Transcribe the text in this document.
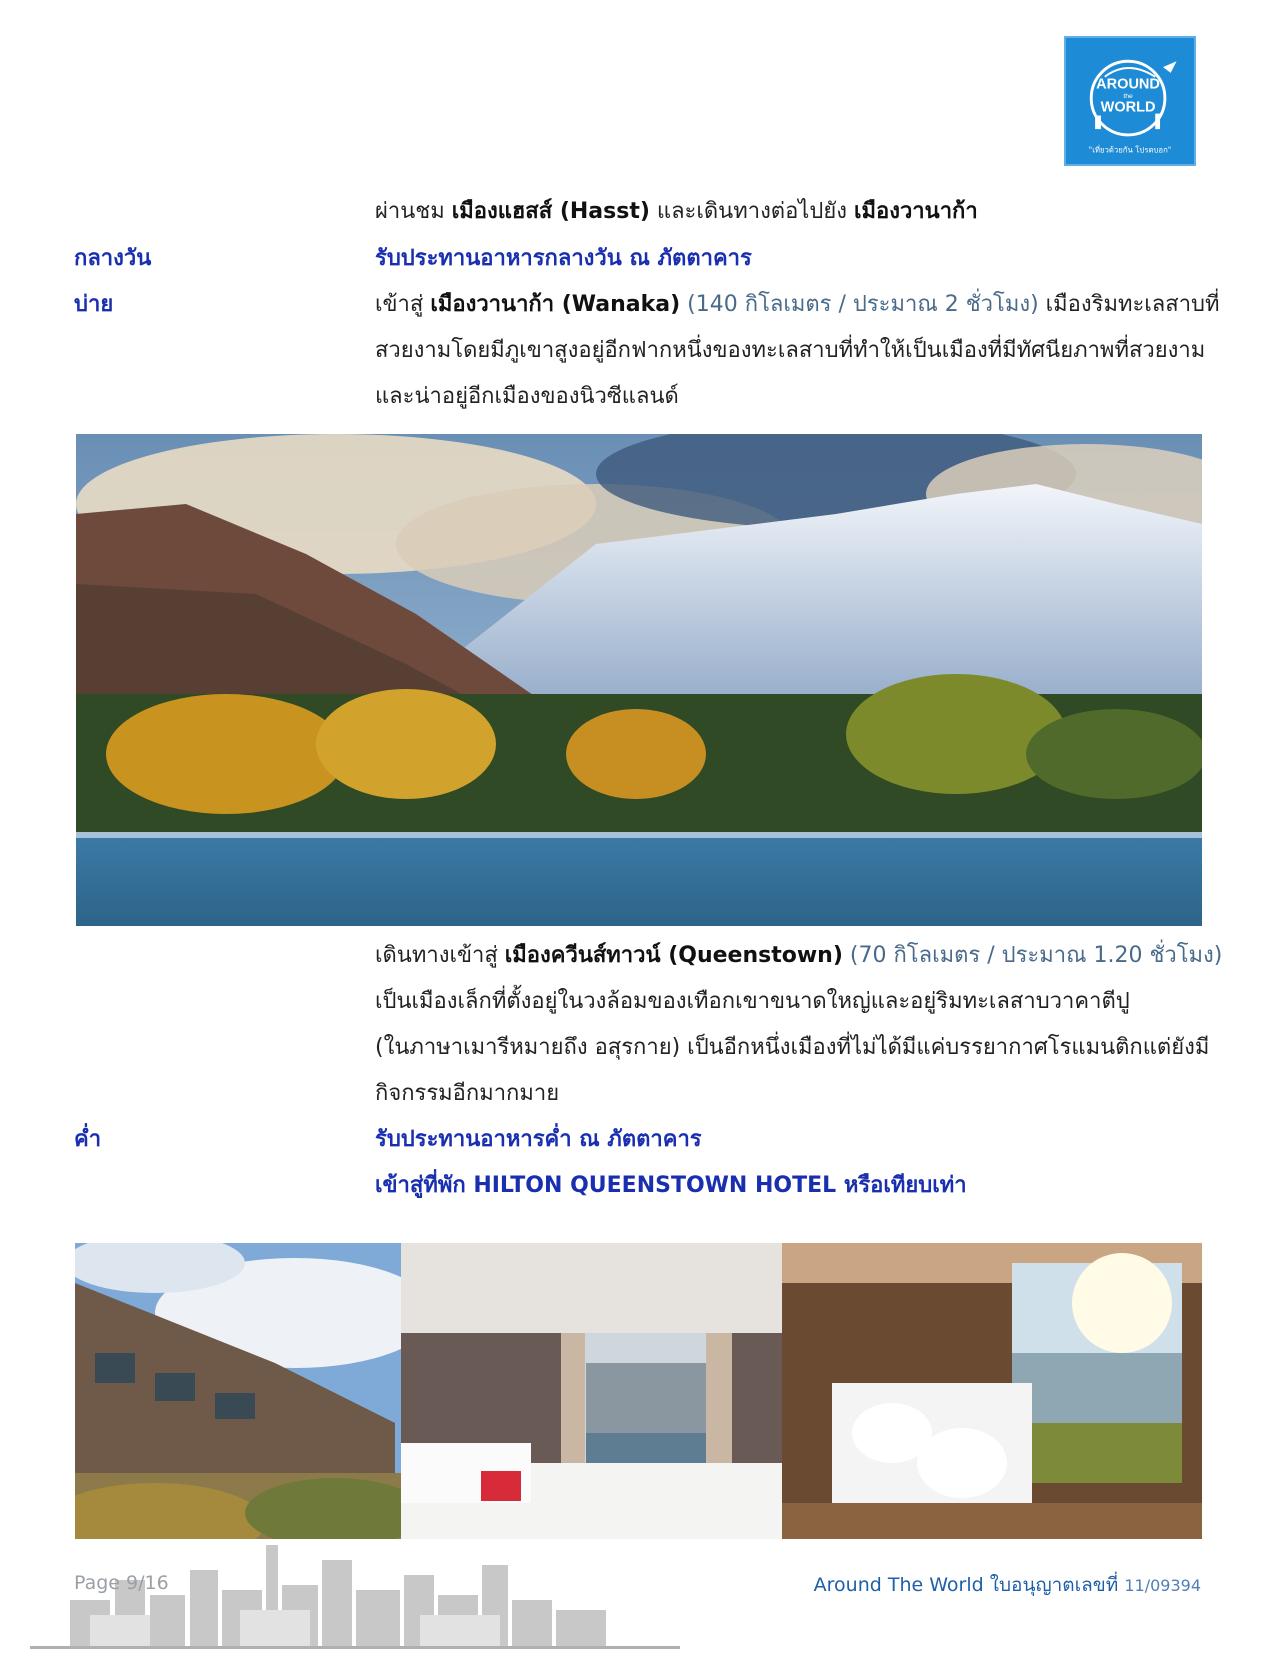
AROUND
the
WORLD
"เที่ยวด้วยกัน โปรดบอก"
ผ่านชม เมืองแฮสส์ (Hasst) และเดินทางต่อไปยัง เมืองวานาก้า
กลางวัน	รับประทานอาหารกลางวัน ณ ภัตตาคาร
บ่าย	เข้าสู่ เมืองวานาก้า (Wanaka) (140 กิโลเมตร / ประมาณ 2 ชั่วโมง) เมืองริมทะเลสาบที่
สวยงามโดยมีภูเขาสูงอยู่อีกฟากหนึ่งของทะเลสาบที่ทำให้เป็นเมืองที่มีทัศนียภาพที่สวยงาม
และน่าอยู่อีกเมืองของนิวซีแลนด์
เดินทางเข้าสู่ เมืองควีนส์ทาวน์ (Queenstown) (70 กิโลเมตร / ประมาณ 1.20 ชั่วโมง)
เป็นเมืองเล็กที่ตั้งอยู่ในวงล้อมของเทือกเขาขนาดใหญ่และอยู่ริมทะเลสาบวาคาตีปู
(ในภาษาเมารีหมายถึง อสุรกาย) เป็นอีกหนึ่งเมืองที่ไม่ได้มีแค่บรรยากาศโรแมนติกแต่ยังมี
กิจกรรมอีกมากมาย
ค่ำ	รับประทานอาหารค่ำ ณ ภัตตาคาร
เข้าสู่ที่พัก HILTON QUEENSTOWN HOTEL หรือเทียบเท่า
Page 9/16	Around The World ใบอนุญาตเลขที่ 11/09394
